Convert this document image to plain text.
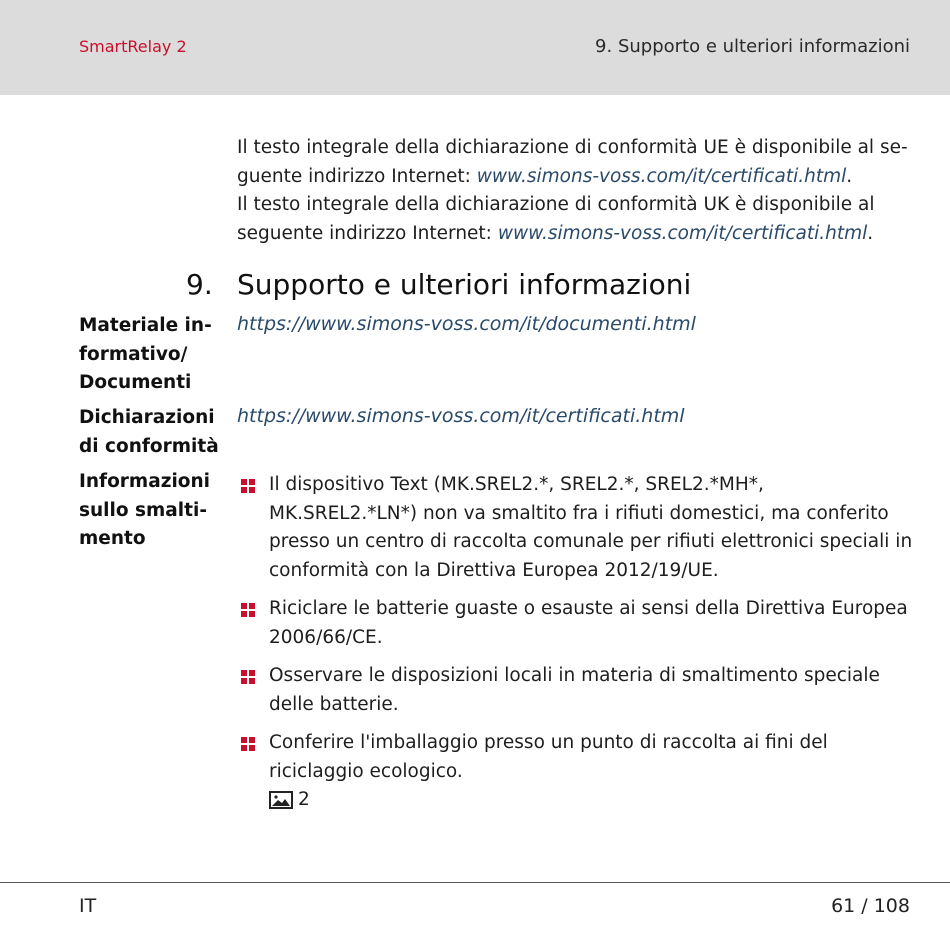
SmartRelay 2	9. Supporto e ulteriori informazioni

Il testo integrale della dichiarazione di conformità UE è disponibile al se-
guente indirizzo Internet: www.simons-voss.com/it/certificati.html.

Il testo integrale della dichiarazione di conformità UK è disponibile al
seguente indirizzo Internet: www.simons-voss.com/it/certificati.html.

9. Supporto e ulteriori informazioni
Materiale in-
formativo/
Documenti
https://www.simons-voss.com/it/documenti.html
Dichiarazioni
di conformità
https://www.simons-voss.com/it/certificati.html
Informazioni
sullo smalti-
mento
Il dispositivo Text (MK.SREL2.*, SREL2.*, SREL2.*MH*,
MK.SREL2.*LN*) non va smaltito fra i rifiuti domestici, ma conferito
presso un centro di raccolta comunale per rifiuti elettronici speciali in
conformità con la Direttiva Europea 2012/19/UE.
Riciclare le batterie guaste o esauste ai sensi della Direttiva Europea
2006/66/CE.
Osservare le disposizioni locali in materia di smaltimento speciale
delle batterie.
Conferire l'imballaggio presso un punto di raccolta ai fini del
riciclaggio ecologico.
2
IT	61 / 108
